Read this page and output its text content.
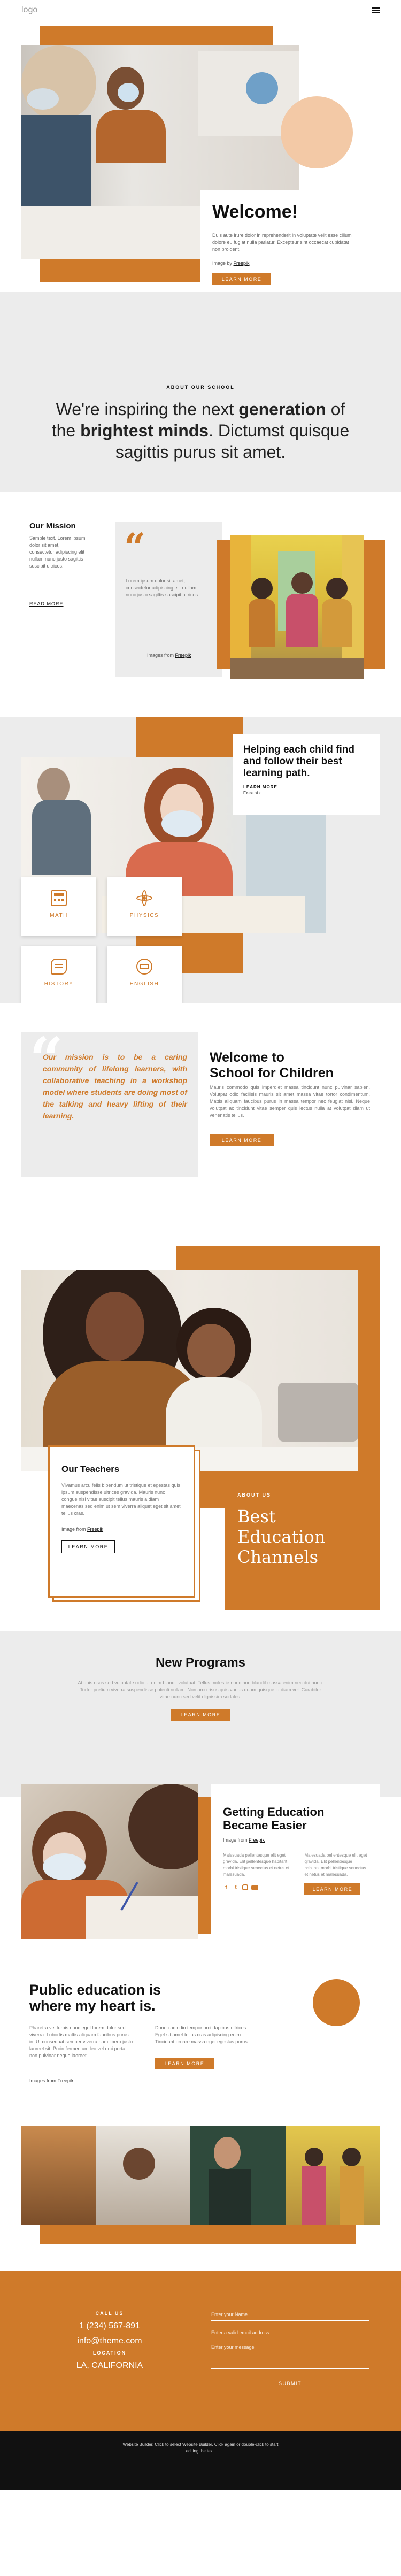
logo
Welcome!
Duis aute irure dolor in reprehenderit in voluptate velit esse cillum dolore eu fugiat nulla pariatur. Excepteur sint occaecat cupidatat non proident.
Image by Freepik
LEARN MORE
ABOUT OUR SCHOOL
We're inspiring the next generation of
the brightest minds. Dictumst quisque
sagittis purus sit amet.
Our Mission
Sample text. Lorem ipsum dolor sit amet, consectetur adipiscing elit nullam nunc justo sagittis suscipit ultrices.
READ MORE
“
Lorem ipsum dolor sit amet, consectetur adipiscing elit nullam nunc justo sagittis suscipit ultrices.
Images from Freepik
Helping each child find and follow their best learning path.
LEARN MORE
Freepik
MATH	PHYSICS
HISTORY	ENGLISH
“
Our mission is to be a caring community of lifelong learners, with collaborative teaching in a workshop model where students are doing most of the talking and heavy lifting of their learning.
Welcome to
School for Children
Mauris commodo quis imperdiet massa tincidunt nunc pulvinar sapien. Volutpat odio facilisis mauris sit amet massa vitae tortor condimentum. Mattis aliquam faucibus purus in massa tempor nec feugiat nisl. Neque volutpat ac tincidunt vitae semper quis lectus nulla at volutpat diam ut venenatis tellus.
LEARN MORE
Our Teachers
Vivamus arcu felis bibendum ut tristique et egestas quis ipsum suspendisse ultrices gravida. Mauris nunc congue nisi vitae suscipit tellus mauris a diam maecenas sed enim ut sem viverra aliquet eget sit amet tellus cras.
Image from Freepik
LEARN MORE
ABOUT US
Best
Education
Channels
New Programs
At quis risus sed vulputate odio ut enim blandit volutpat. Tellus molestie nunc non blandit massa enim nec dui nunc. Tortor pretium viverra suspendisse potenti nullam. Non arcu risus quis varius quam quisque id diam vel. Curabitur vitae nunc sed velit dignissim sodales.
LEARN MORE
Getting Education
Became Easier
Image from Freepik
Malesuada pellentesque elit eget gravida. Elit pellentesque habitant morbi tristique senectus et netus et malesuada.
f	t
Malesuada pellentesque elit eget gravida. Elit pellentesque habitant morbi tristique senectus et netus et malesuada.
LEARN MORE
Public education is
where my heart is.
Pharetra vel turpis nunc eget lorem dolor sed viverra. Lobortis mattis aliquam faucibus purus in. Ut consequat semper viverra nam libero justo laoreet sit. Proin fermentum leo vel orci porta non pulvinar neque laoreet.
Donec ac odio tempor orci dapibus ultrices. Eget sit amet tellus cras adipiscing enim. Tincidunt ornare massa eget egestas purus.
LEARN MORE
Images from Freepik
CALL US
1 (234) 567-891
info@theme.com
LOCATION
LA, CALIFORNIA
Enter your Name
Enter a valid email address
Enter your message
SUBMIT
Website Builder. Click to select Website Builder. Click again or double-click to start editing the text.
